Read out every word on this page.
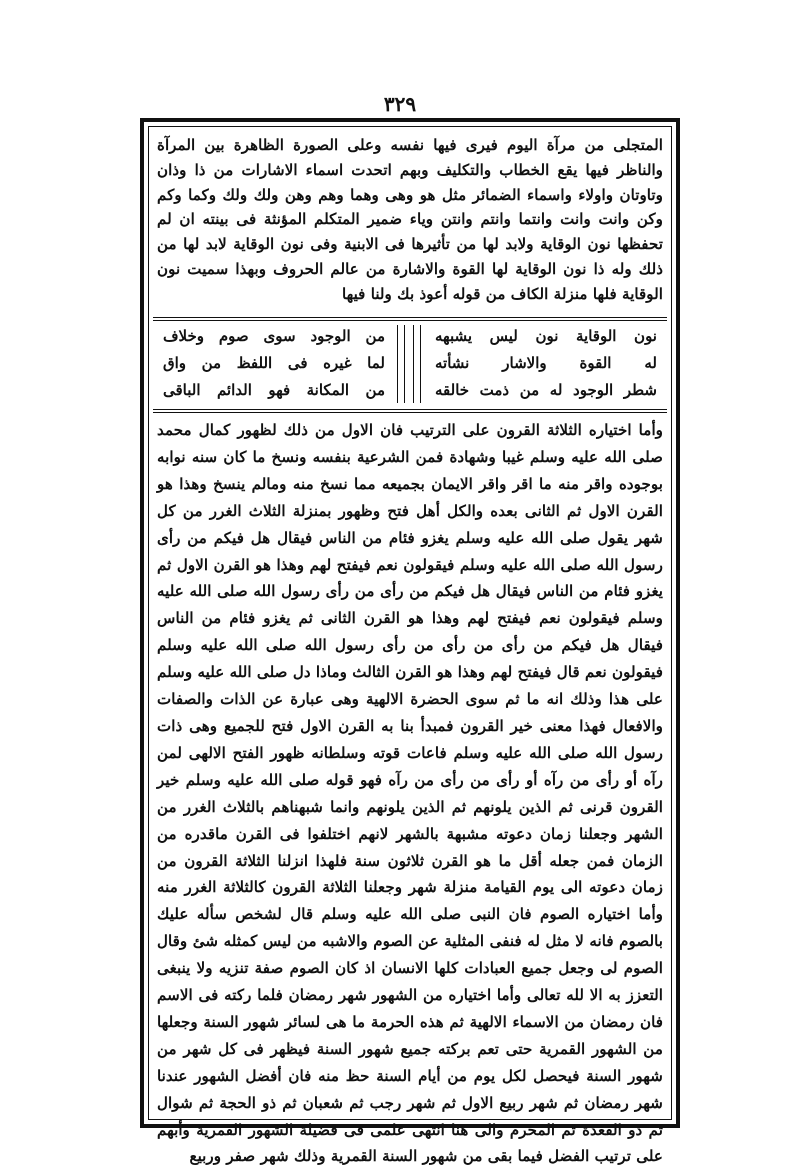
٣٢٩

المتجلى من مرآة اليوم فيرى فيها نفسه وعلى الصورة الظاهرة بين المرآة والناظر فيها يقع الخطاب والتكليف وبهم اتحدت اسماء الاشارات من ذا وذان وتاوتان واولاء واسماء الضمائر مثل هو وهى وهما وهم وهن ولك ولك وكما وكم وكن وانت وانت وانتما وانتم وانتن وياء ضمير المتكلم المؤنثة فى بينته ان لم تحفظها نون الوقاية ولابد لها من تأثيرها فى الابنية وفى نون الوقاية لابد لها من ذلك وله ذا نون الوقاية لها القوة والاشارة من عالم الحروف وبهذا سميت نون الوقاية فلها منزلة الكاف من قوله أعوذ بك ولنا فيها

نون الوقاية نون ليس يشبهه

له القوة والاشار نشأته

شطر الوجود له من ذمت خالقه

من الوجود سوى صوم وخلاف

لما غيره فى اللفظ من واق

من المكانة فهو الدائم الباقى

وأما اختياره الثلاثة القرون على الترتيب فان الاول من ذلك لظهور كمال محمد صلى الله عليه وسلم غيبا وشهادة فمن الشرعية بنفسه ونسخ ما كان سنه نوابه بوجوده واقر منه ما اقر واقر الايمان بجميعه مما نسخ منه ومالم ينسخ وهذا هو القرن الاول ثم الثانى بعده والكل أهل فتح وظهور بمنزلة الثلاث الغرر من كل شهر يقول صلى الله عليه وسلم يغزو فئام من الناس فيقال هل فيكم من رأى رسول الله صلى الله عليه وسلم فيقولون نعم فيفتح لهم وهذا هو القرن الاول ثم يغزو فئام من الناس فيقال هل فيكم من رأى من رأى رسول الله صلى الله عليه وسلم فيقولون نعم فيفتح لهم وهذا هو القرن الثانى ثم يغزو فئام من الناس فيقال هل فيكم من رأى من رأى من رأى رسول الله صلى الله عليه وسلم فيقولون نعم قال فيفتح لهم وهذا هو القرن الثالث وماذا دل صلى الله عليه وسلم على هذا وذلك انه ما ثم سوى الحضرة الالهية وهى عبارة عن الذات والصفات والافعال فهذا معنى خير القرون فمبدأ بنا به القرن الاول فتح للجميع وهى ذات رسول الله صلى الله عليه وسلم فاعات قوته وسلطانه ظهور الفتح الالهى لمن رآه أو رأى من رآه أو رأى من رأى من رآه فهو قوله صلى الله عليه وسلم خير القرون قرنى ثم الذين يلونهم ثم الذين يلونهم وانما شبهناهم بالثلاث الغرر من الشهر وجعلنا زمان دعوته مشبهة بالشهر لانهم اختلفوا فى القرن ماقدره من الزمان فمن جعله أقل ما هو القرن ثلاثون سنة فلهذا انزلنا الثلاثة القرون من زمان دعوته الى يوم القيامة منزلة شهر وجعلنا الثلاثة القرون كالثلاثة الغرر منه وأما اختياره الصوم فان النبى صلى الله عليه وسلم قال لشخص سأله عليك بالصوم فانه لا مثل له فنفى المثلية عن الصوم والاشبه من ليس كمثله شئ وقال الصوم لى وجعل جميع العبادات كلها الانسان اذ كان الصوم صفة تنزيه ولا ينبغى التعزز به الا لله تعالى وأما اختياره من الشهور شهر رمضان فلما ركته فى الاسم فان رمضان من الاسماء الالهية ثم هذه الحرمة ما هى لسائر شهور السنة وجعلها من الشهور القمرية حتى تعم بركته جميع شهور السنة فيظهر فى كل شهر من شهور السنة فيحصل لكل يوم من أيام السنة حظ منه فان أفضل الشهور عندنا شهر رمضان ثم شهر ربيع الاول ثم شهر رجب ثم شعبان ثم ذو الحجة ثم شوال ثم ذو القعدة ثم المحرم والى هنا انتهى علمى فى فضيلة الشهور القمرية وأبهم على ترتيب الفضل فيما بقى من شهور السنة القمرية وذلك شهر صفر وربيع
